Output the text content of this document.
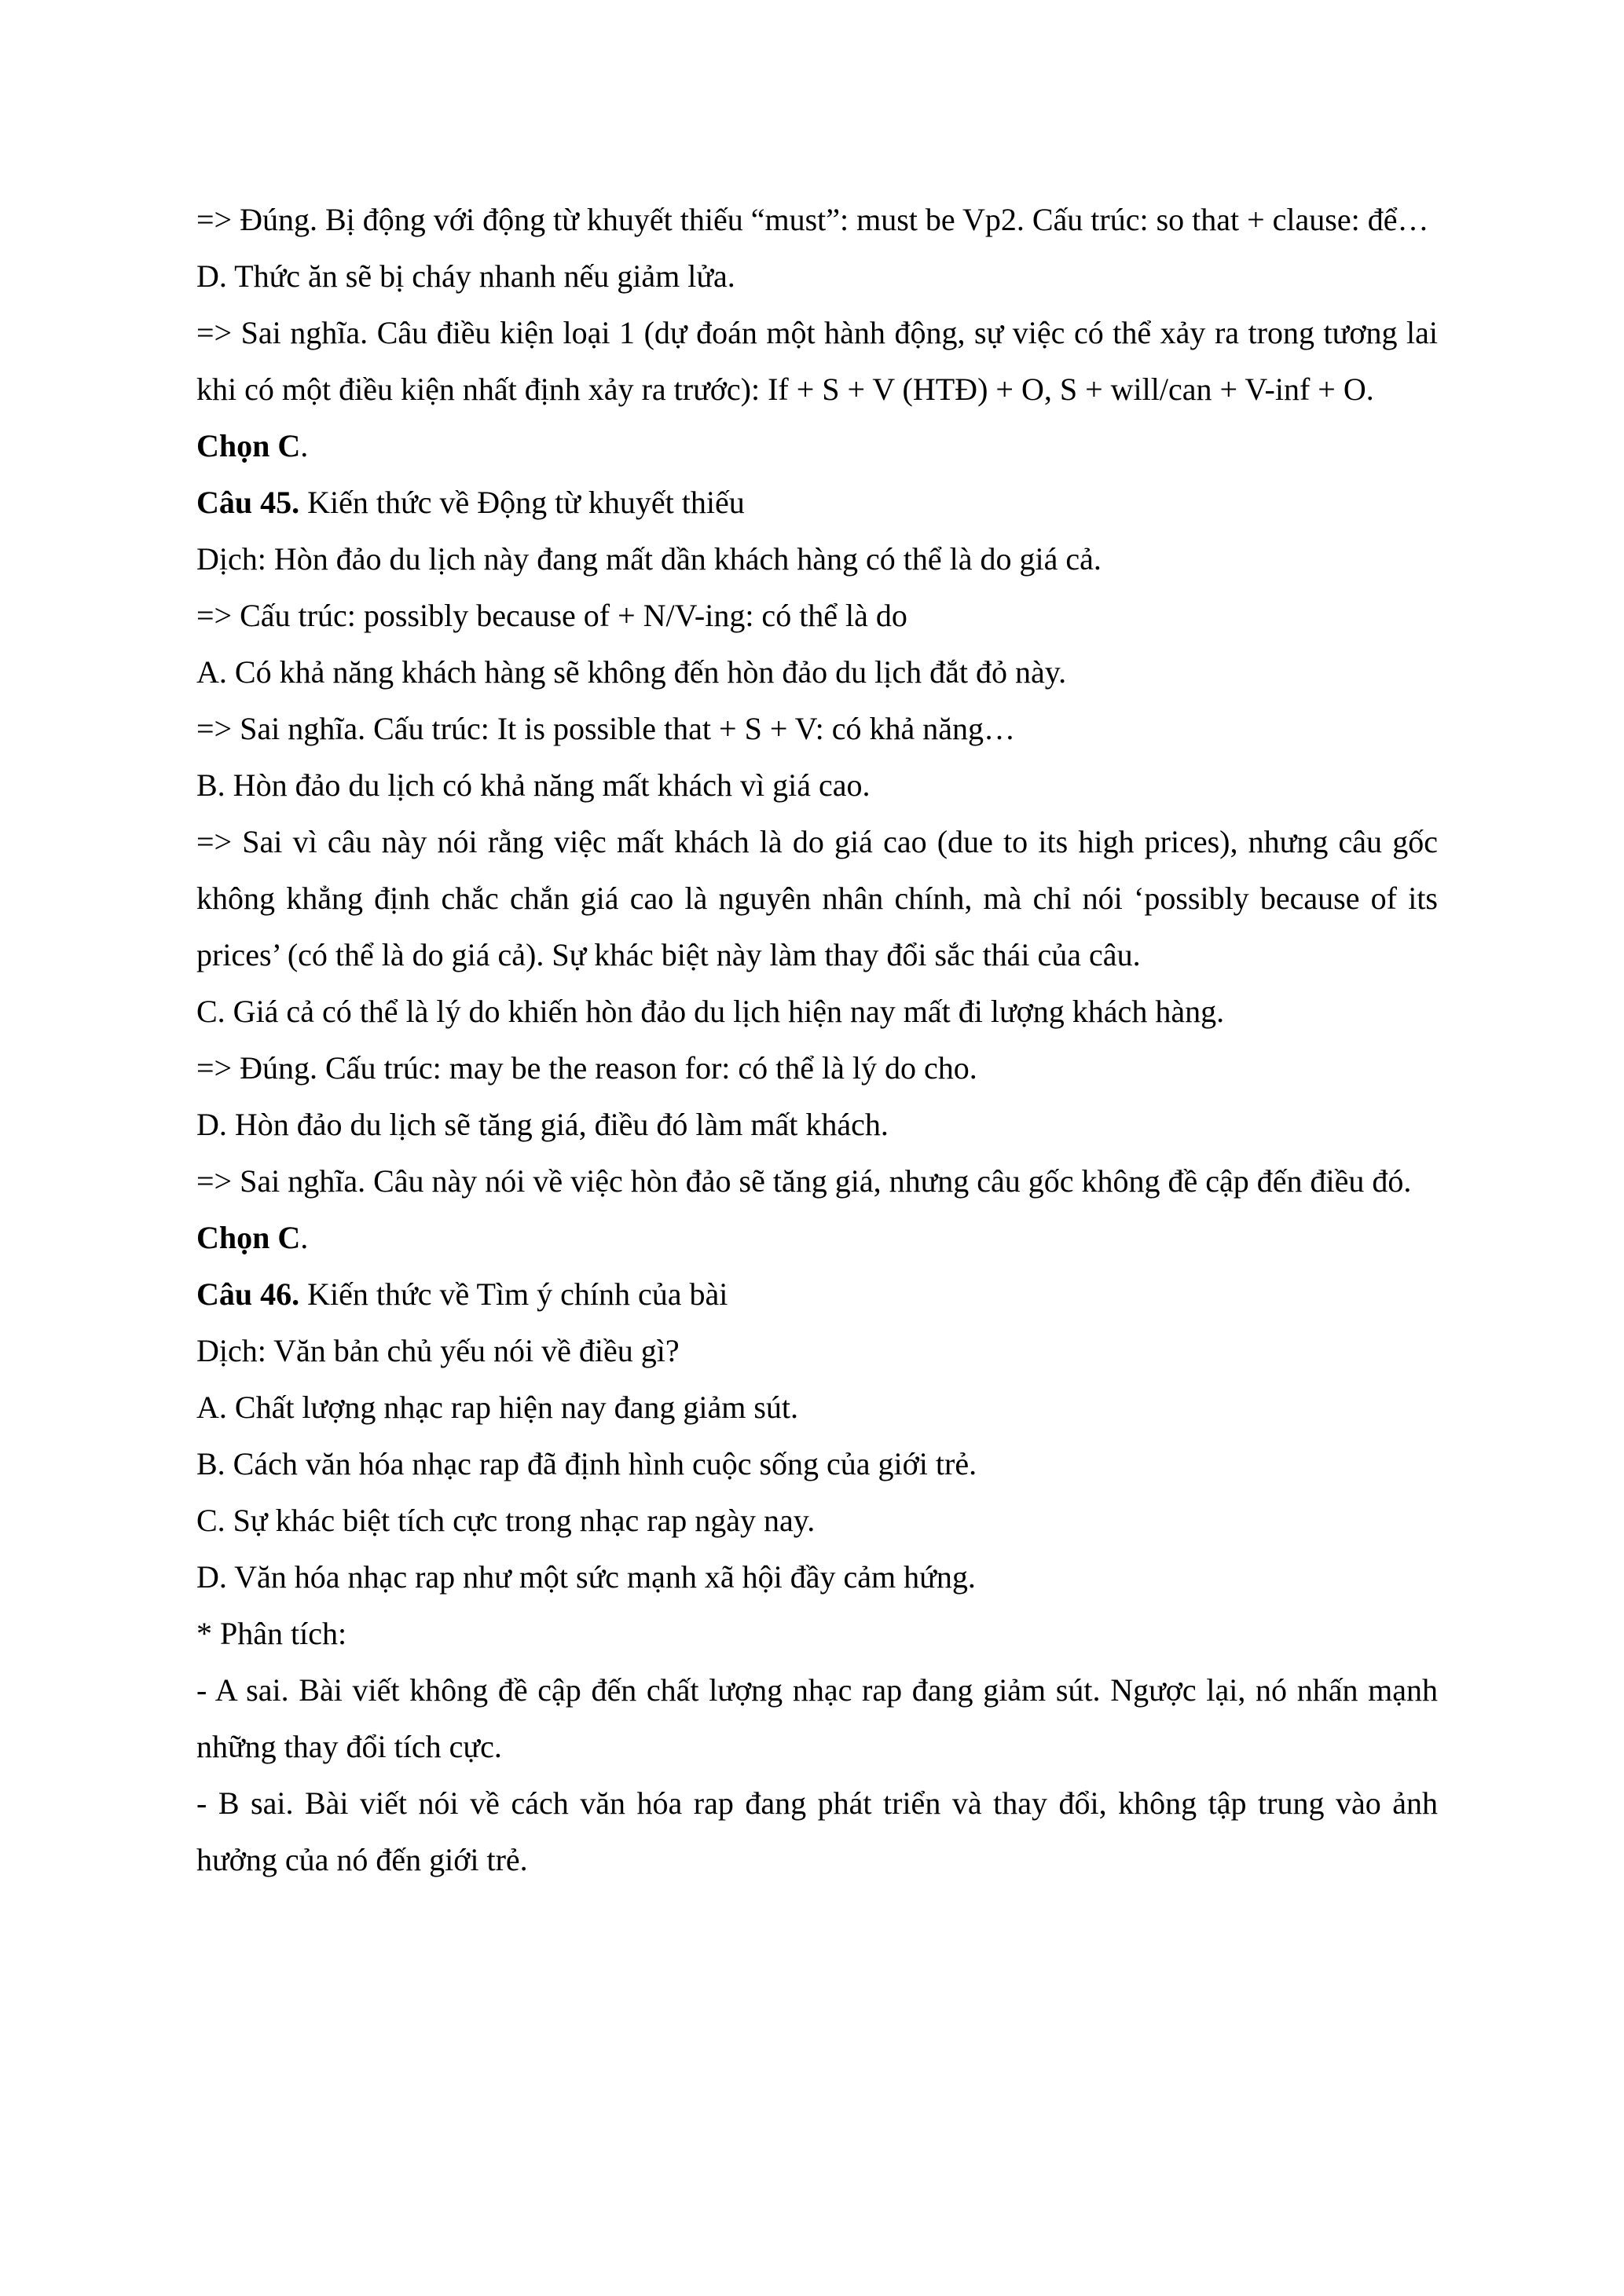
=> Đúng. Bị động với động từ khuyết thiếu “must”: must be Vp2. Cấu trúc: so that + clause: để…

D. Thức ăn sẽ bị cháy nhanh nếu giảm lửa.

=> Sai nghĩa. Câu điều kiện loại 1 (dự đoán một hành động, sự việc có thể xảy ra trong tương lai khi có một điều kiện nhất định xảy ra trước): If + S + V (HTĐ) + O, S + will/can + V-inf + O.

Chọn C.

Câu 45. Kiến thức về Động từ khuyết thiếu

Dịch: Hòn đảo du lịch này đang mất dần khách hàng có thể là do giá cả.

=> Cấu trúc: possibly because of + N/V-ing: có thể là do

A. Có khả năng khách hàng sẽ không đến hòn đảo du lịch đắt đỏ này.

=> Sai nghĩa. Cấu trúc: It is possible that + S + V: có khả năng…

B. Hòn đảo du lịch có khả năng mất khách vì giá cao.

=> Sai vì câu này nói rằng việc mất khách là do giá cao (due to its high prices), nhưng câu gốc không khẳng định chắc chắn giá cao là nguyên nhân chính, mà chỉ nói ‘possibly because of its prices’ (có thể là do giá cả). Sự khác biệt này làm thay đổi sắc thái của câu.

C. Giá cả có thể là lý do khiến hòn đảo du lịch hiện nay mất đi lượng khách hàng.

=> Đúng. Cấu trúc: may be the reason for: có thể là lý do cho.

D. Hòn đảo du lịch sẽ tăng giá, điều đó làm mất khách.

=> Sai nghĩa. Câu này nói về việc hòn đảo sẽ tăng giá, nhưng câu gốc không đề cập đến điều đó.

Chọn C.

Câu 46. Kiến thức về Tìm ý chính của bài

Dịch: Văn bản chủ yếu nói về điều gì?

A. Chất lượng nhạc rap hiện nay đang giảm sút.

B. Cách văn hóa nhạc rap đã định hình cuộc sống của giới trẻ.

C. Sự khác biệt tích cực trong nhạc rap ngày nay.

D. Văn hóa nhạc rap như một sức mạnh xã hội đầy cảm hứng.

* Phân tích:

- A sai. Bài viết không đề cập đến chất lượng nhạc rap đang giảm sút. Ngược lại, nó nhấn mạnh những thay đổi tích cực.

- B sai. Bài viết nói về cách văn hóa rap đang phát triển và thay đổi, không tập trung vào ảnh hưởng của nó đến giới trẻ.
